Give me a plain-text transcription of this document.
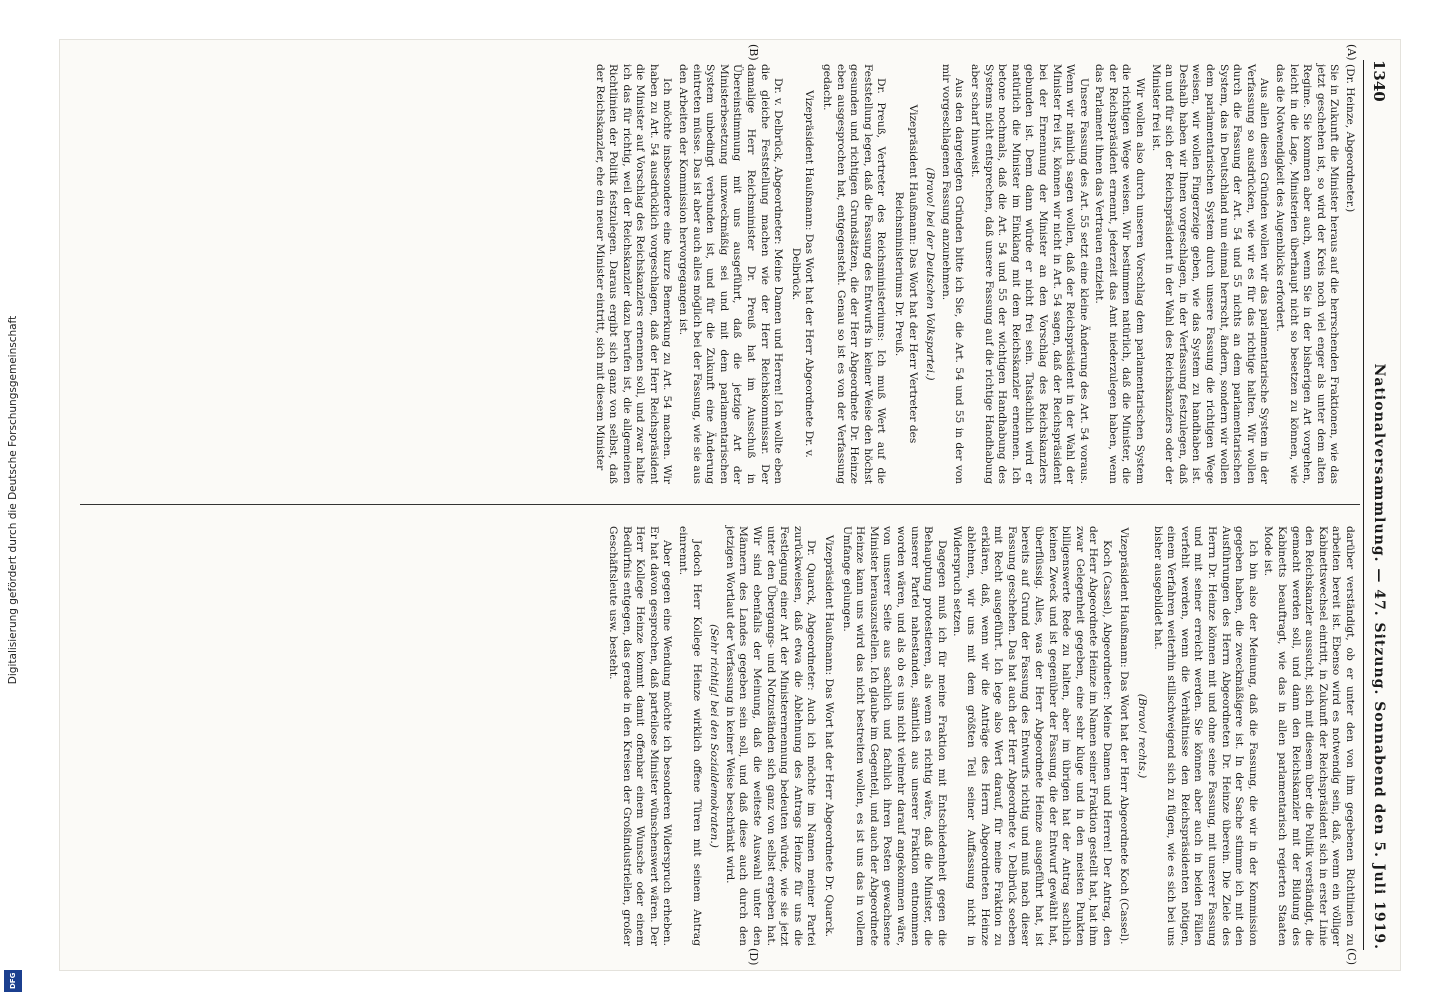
Digitalisierung gefördert durch die Deutsche Forschungsgemeinschaft
DFG
1340
Nationalversammlung. — 47. Sitzung. Sonnabend den 5. Juli 1919.
(A)
(B)
(C)
(D)

(Dr. Heinze, Abgeordneter.)

Sie in Zukunft die Minister heraus auf die herrschenden Fraktionen, wie das jetzt geschehen ist, so wird der Kreis noch viel enger als unter dem alten Regime. Sie kommen aber auch, wenn Sie in der bisherigen Art vorgehen, leicht in die Lage, Ministerien überhaupt nicht so besetzen zu können, wie das die Notwendigkeit des Augenblicks erfordert.

Aus allen diesen Gründen wollen wir das parlamentarische System in der Verfassung so ausdrücken, wie wir es für das richtige halten. Wir wollen durch die Fassung der Art. 54 und 55 nichts an dem parlamentarischen System, das in Deutschland nun einmal herrscht, ändern, sondern wir wollen dem parlamentarischen System durch unsere Fassung die richtigen Wege weisen, wir wollen Fingerzeige geben, wie das System zu handhaben ist. Deshalb haben wir Ihnen vorgeschlagen, in der Verfassung festzulegen, daß an und für sich der Reichspräsident in der Wahl des Reichskanzlers oder der Minister frei ist.

Wir wollen also durch unseren Vorschlag dem parlamentarischen System die richtigen Wege weisen. Wir bestimmen natürlich, daß die Minister, die der Reichspräsident ernennt, jederzeit das Amt niederzulegen haben, wenn das Parlament ihnen das Vertrauen entzieht.

Unsere Fassung des Art. 55 setzt eine kleine Änderung des Art. 54 voraus. Wenn wir nämlich sagen wollen, daß der Reichspräsident in der Wahl der Minister frei ist, können wir nicht in Art. 54 sagen, daß der Reichspräsident bei der Ernennung der Minister an den Vorschlag des Reichskanzlers gebunden ist. Denn dann würde er nicht frei sein. Tatsächlich wird er natürlich die Minister im Einklang mit dem Reichskanzler ernennen. Ich betone nochmals, daß die Art. 54 und 55 der wichtigen Handhabung des Systems nicht entsprechen, daß unsere Fassung auf die richtige Handhabung aber scharf hinweist.

Aus den dargelegten Gründen bitte ich Sie, die Art. 54 und 55 in der von mir vorgeschlagenen Fassung anzunehmen.

(Bravo! bei der Deutschen Volkspartei.)

Vizepräsident Haußmann: Das Wort hat der Herr Vertreter des Reichsministeriums Dr. Preuß.

Dr. Preuß, Vertreter des Reichsministeriums: Ich muß Wert auf die Feststellung legen, daß die Fassung des Entwurfs in keiner Weise den höchst gesunden und richtigen Grundsätzen, die der Herr Abgeordnete Dr. Heinze eben ausgesprochen hat, entgegensteht. Genau so ist es von der Verfassung gedacht.

Vizepräsident Haußmann: Das Wort hat der Herr Abgeordnete Dr. v. Delbrück.

Dr. v. Delbrück, Abgeordneter: Meine Damen und Herren! Ich wollte eben die gleiche Feststellung machen wie der Herr Reichskommissar. Der damalige Herr Reichsminister Dr. Preuß hat im Ausschuß in Übereinstimmung mit uns ausgeführt, daß die jetzige Art der Ministerbesetzung unzweckmäßig sei und mit dem parlamentarischen System unbedingt verbunden ist, und für die Zukunft eine Änderung eintreten müsse. Das ist aber auch alles möglich bei der Fassung, wie sie aus den Arbeiten der Kommission hervorgegangen ist.

Ich möchte insbesondere eine kurze Bemerkung zu Art. 54 machen. Wir haben zu Art. 54 ausdrücklich vorgeschlagen, daß der Herr Reichspräsident die Minister auf Vorschlag des Reichskanzlers ernennen soll, und zwar halte ich das für richtig, weil der Reichskanzler dazu berufen ist, die allgemeinen Richtlinien der Politik festzulegen. Daraus ergibt sich ganz von selbst, daß der Reichskanzler, ehe ein neuer Minister eintritt, sich mit diesem Minister

darüber verständigt, ob er unter den von ihm gegebenen Richtlinien zu arbeiten bereit ist. Ebenso wird es notwendig sein, daß, wenn ein völliger Kabinettswechsel eintritt, in Zukunft der Reichspräsident sich in erster Linie den Reichskanzler aussucht, sich mit diesem über die Politik verständigt, die gemacht werden soll, und dann den Reichskanzler mit der Bildung des Kabinetts beauftragt, wie das in allen parlamentarisch regierten Staaten Mode ist.

Ich bin also der Meinung, daß die Fassung, die wir in der Kommission gegeben haben, die zweckmäßigere ist. In der Sache stimme ich mit den Ausführungen des Herrn Abgeordneten Dr. Heinze überein. Die Ziele des Herrn Dr. Heinze können mit und ohne seine Fassung, mit unserer Fassung und mit seiner erreicht werden. Sie können aber auch in beiden Fällen verfehlt werden, wenn die Verhältnisse den Reichspräsidenten nötigen, einem Verfahren weiterhin stillschweigend sich zu fügen, wie es sich bei uns bisher ausgebildet hat.

(Bravo! rechts.)

Vizepräsident Haußmann: Das Wort hat der Herr Abgeordnete Koch (Cassel).

Koch (Cassel), Abgeordneter: Meine Damen und Herren! Der Antrag, den der Herr Abgeordnete Heinze im Namen seiner Fraktion gestellt hat, hat ihm zwar Gelegenheit gegeben, eine sehr kluge und in den meisten Punkten billigenswerte Rede zu halten, aber im übrigen hat der Antrag sachlich keinen Zweck und ist gegenüber der Fassung, die der Entwurf gewählt hat, überflüssig. Alles, was der Herr Abgeordnete Heinze ausgeführt hat, ist bereits auf Grund der Fassung des Entwurfs richtig und muß nach dieser Fassung geschehen. Das hat auch der Herr Abgeordnete v. Delbrück soeben mit Recht ausgeführt. Ich lege also Wert darauf, für meine Fraktion zu erklären, daß, wenn wir die Anträge des Herrn Abgeordneten Heinze ablehnen, wir uns mit dem größten Teil seiner Auffassung nicht in Widerspruch setzen.

Dagegen muß ich für meine Fraktion mit Entschiedenheit gegen die Behauptung protestieren, als wenn es richtig wäre, daß die Minister, die unserer Partei nahestanden, sämtlich aus unserer Fraktion entnommen worden wären, und als ob es uns nicht vielmehr darauf angekommen wäre, von unserer Seite aus sachlich und fachlich ihren Posten gewachsene Minister herauszustellen. Ich glaube im Gegenteil, und auch der Abgeordnete Heinze kann uns wird das nicht bestreiten wollen, es ist uns das in vollem Umfange gelungen.

Vizepräsident Haußmann: Das Wort hat der Herr Abgeordnete Dr. Quarck.

Dr. Quarck, Abgeordneter: Auch ich möchte im Namen meiner Partei zurückweisen, daß etwa die Ablehnung des Antrags Heinze für uns die Festlegung einer Art der Ministerernennung bedeuten würde, wie sie jetzt unter den Übergangs- und Notzuständen sich ganz von selbst ergeben hat. Wir sind ebenfalls der Meinung, daß die weiteste Auswahl unter den Männern des Landes gegeben sein soll, und daß diese auch durch den jetzigen Wortlaut der Verfassung in keiner Weise beschränkt wird.

(Sehr richtig! bei den Sozialdemokraten.)

Jedoch Herr Kollege Heinze wirklich offene Türen mit seinem Antrag einrennt.

Aber gegen eine Wendung möchte ich besonderen Widerspruch erheben. Er hat davon gesprochen, daß parteilose Minister wünschenswert wären. Der Herr Kollege Heinze kommt damit offenbar einem Wunsche oder einem Bedürfnis entgegen, das gerade in den Kreisen der Großindustriellen, großer Geschäftsleute usw. besteht.
